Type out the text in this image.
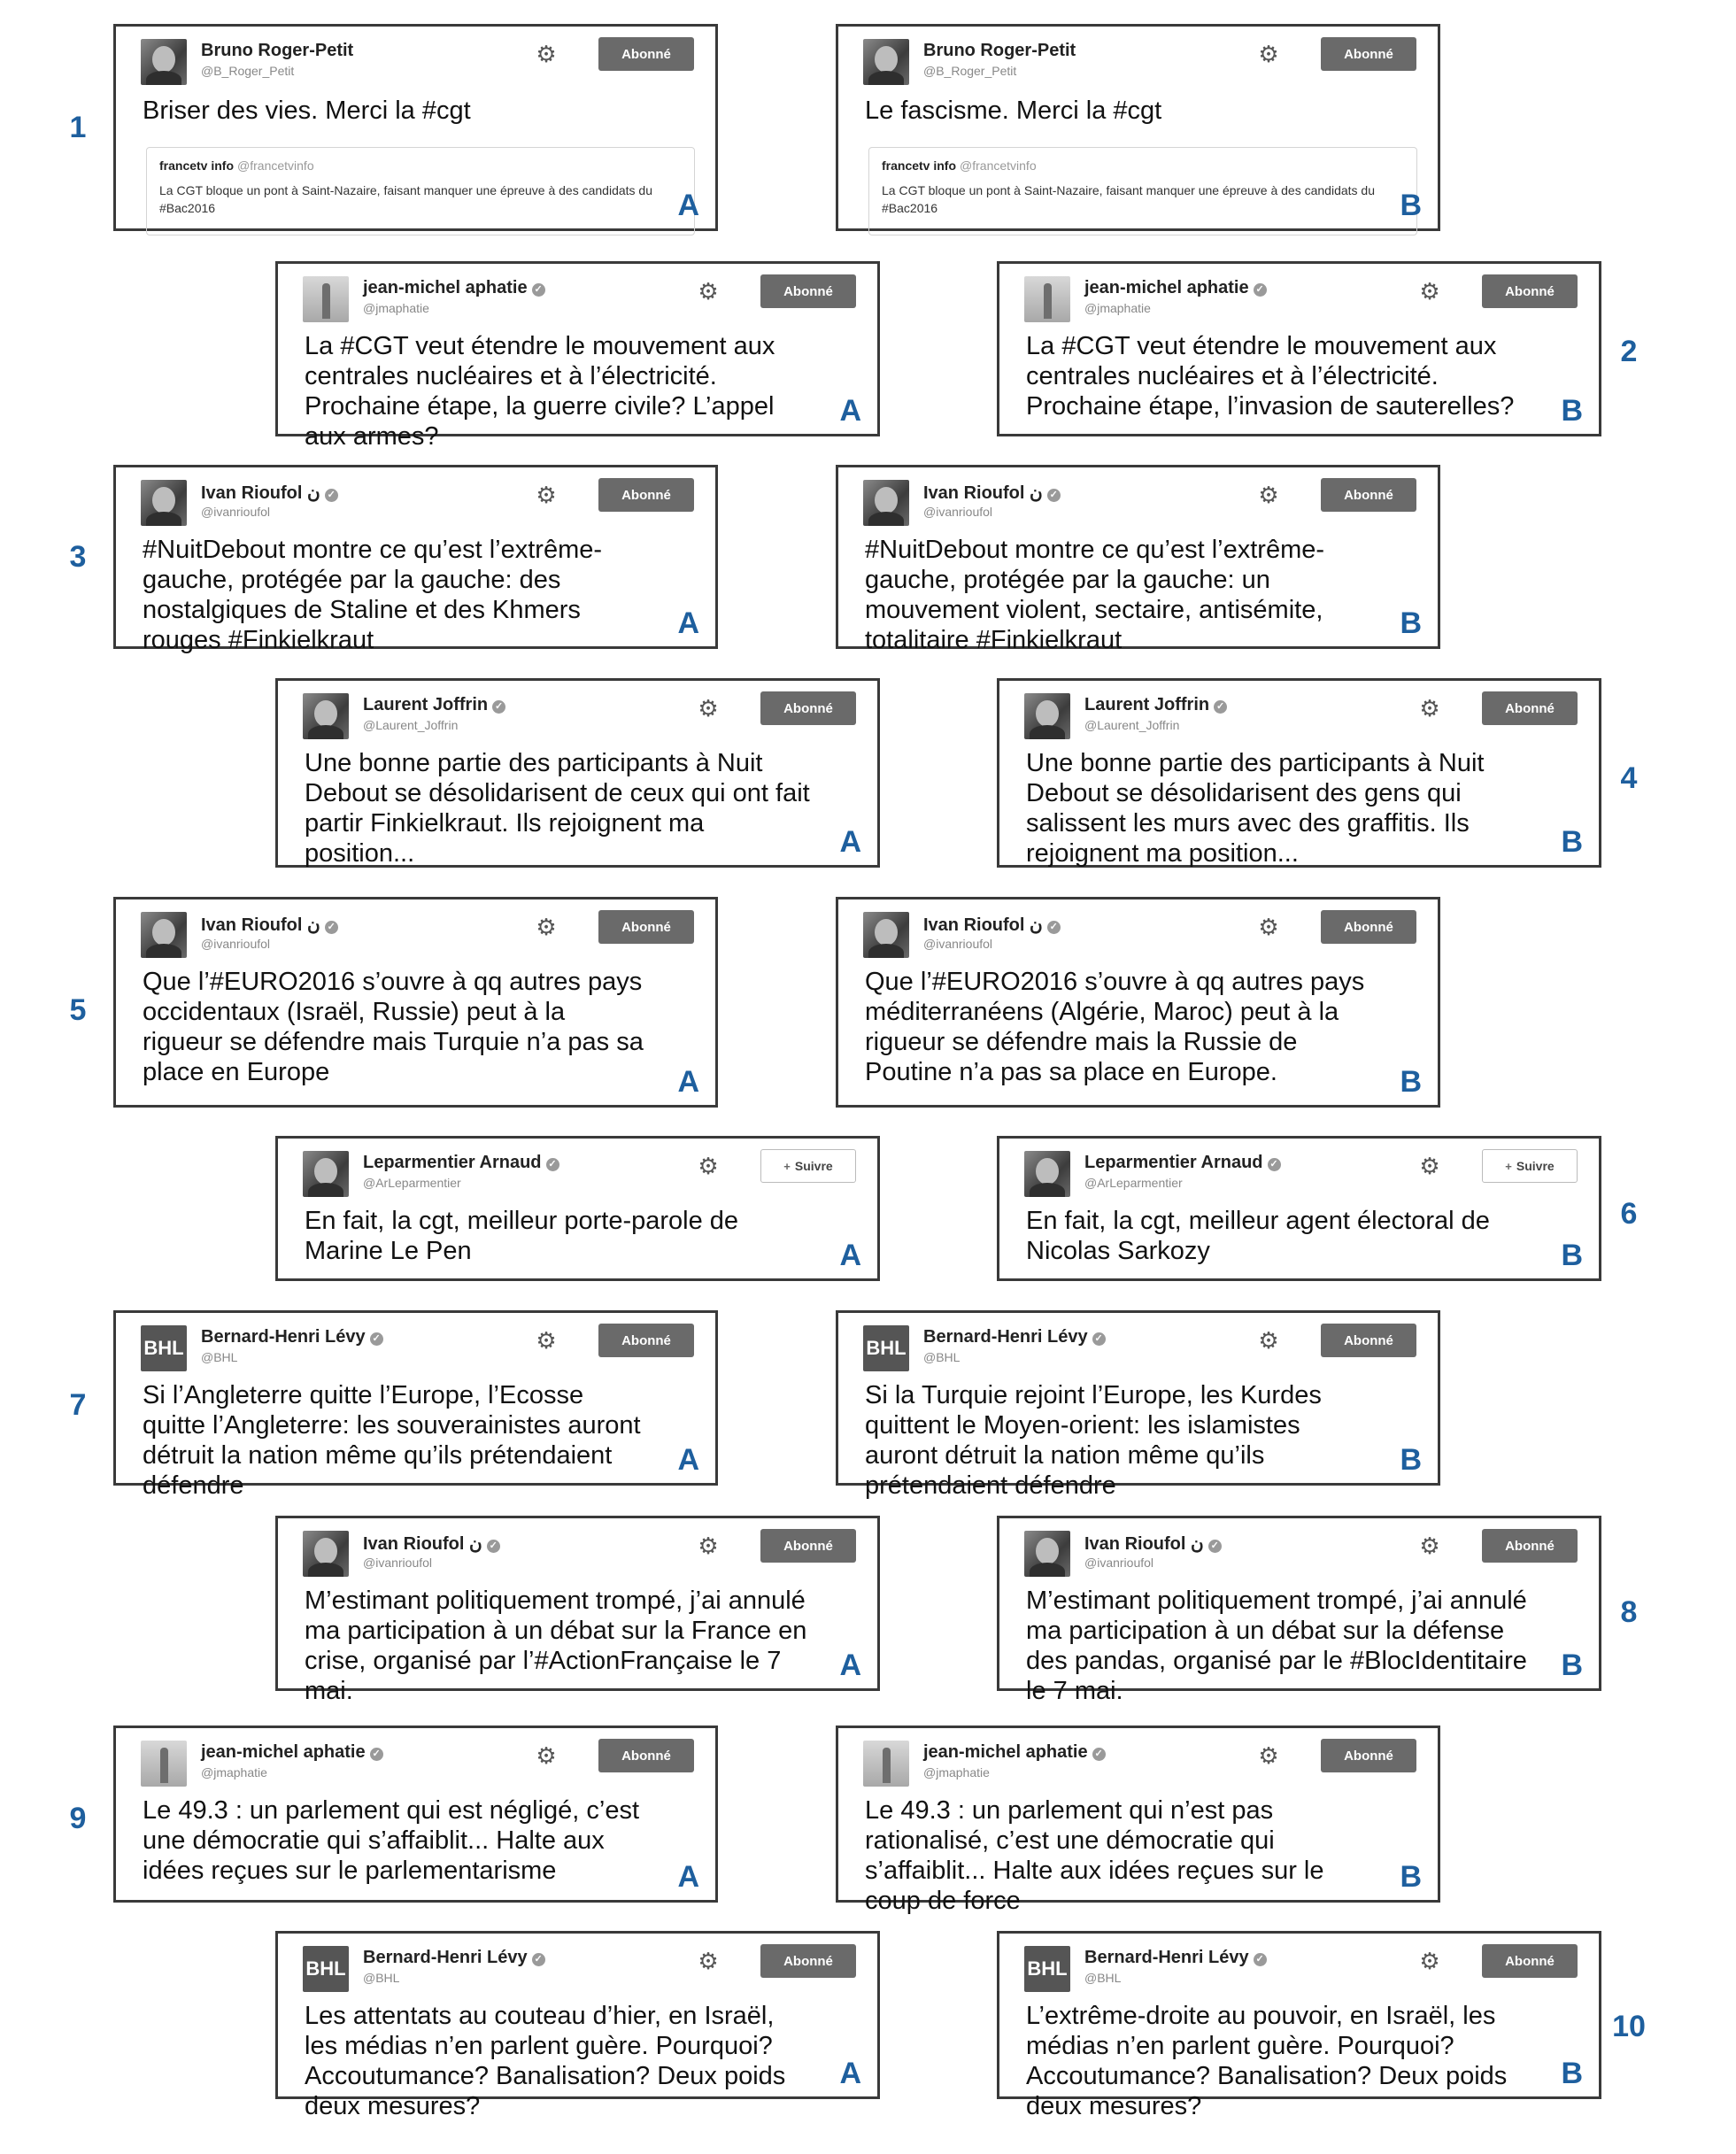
Bruno Roger-Petit
@B_Roger_Petit
⚙	Abonné
Briser des vies. Merci la #cgt
francetv info @francetvinfo
La CGT bloque un pont à Saint-Nazaire, faisant manquer une épreuve à des candidats du #Bac2016	A
Bruno Roger-Petit
@B_Roger_Petit
⚙	Abonné
Le fascisme. Merci la #cgt
francetv info @francetvinfo
La CGT bloque un pont à Saint-Nazaire, faisant manquer une épreuve à des candidats du #Bac2016	B
1
jean-michel aphatie ✓
@jmaphatie
⚙	Abonné
La #CGT veut étendre le mouvement aux centrales nucléaires et à l’électricité. Prochaine étape, la guerre civile? L’appel aux armes?
A
jean-michel aphatie ✓
@jmaphatie
⚙	Abonné
La #CGT veut étendre le mouvement aux centrales nucléaires et à l’électricité. Prochaine étape, l’invasion de sauterelles?	B
2
Ivan Rioufol ن ✓
@ivanrioufol
⚙	Abonné
#NuitDebout montre ce qu’est l’extrême-gauche, protégée par la gauche: des nostalgiques de Staline et des Khmers rouges #Finkielkraut	A
Ivan Rioufol ن ✓
@ivanrioufol
⚙	Abonné
#NuitDebout montre ce qu’est l’extrême-gauche, protégée par la gauche: un mouvement violent, sectaire, antisémite, totalitaire #Finkielkraut	B
3
Laurent Joffrin ✓
@Laurent_Joffrin
⚙	Abonné
Une bonne partie des participants à Nuit Debout se désolidarisent de ceux qui ont fait partir Finkielkraut. Ils rejoignent ma position...	A
Laurent Joffrin ✓
@Laurent_Joffrin
⚙	Abonné
Une bonne partie des participants à Nuit Debout se désolidarisent des gens qui salissent les murs avec des graffitis. Ils rejoignent ma position...	B
4
Ivan Rioufol ن ✓
@ivanrioufol
⚙	Abonné
Que l’#EURO2016 s’ouvre à qq autres pays occidentaux (Israël, Russie) peut à la rigueur se défendre mais Turquie n’a pas sa place en Europe	A
Ivan Rioufol ن ✓
@ivanrioufol
⚙	Abonné
Que l’#EURO2016 s’ouvre à qq autres pays méditerranéens (Algérie, Maroc) peut à la rigueur se défendre mais la Russie de Poutine n’a pas sa place en Europe.	B
5
Leparmentier Arnaud ✓
@ArLeparmentier
⚙	+ Suivre
En fait, la cgt, meilleur porte-parole de Marine Le Pen	A
Leparmentier Arnaud ✓
@ArLeparmentier
⚙	+ Suivre
En fait, la cgt, meilleur agent électoral de Nicolas Sarkozy	B
6
BHL Bernard-Henri Lévy ✓
@BHL
⚙	Abonné
Si l’Angleterre quitte l’Europe, l’Ecosse quitte l’Angleterre: les souverainistes auront détruit la nation même qu’ils prétendaient défendre
A
BHL Bernard-Henri Lévy ✓
@BHL
⚙	Abonné
Si la Turquie rejoint l’Europe, les Kurdes quittent le Moyen-orient: les islamistes auront détruit la nation même qu’ils prétendaient défendre
B
7
Ivan Rioufol ن ✓
@ivanrioufol
⚙	Abonné
M’estimant politiquement trompé, j’ai annulé ma participation à un débat sur la France en crise, organisé par l’#ActionFrançaise le 7 mai.
A
Ivan Rioufol ن ✓
@ivanrioufol
⚙	Abonné
M’estimant politiquement trompé, j’ai annulé ma participation à un débat sur la défense des pandas, organisé par le #BlocIdentitaire le 7 mai.
B
8
jean-michel aphatie ✓
@jmaphatie
⚙	Abonné
Le 49.3 : un parlement qui est négligé, c’est une démocratie qui s’affaiblit... Halte aux idées reçues sur le parlementarisme	A
jean-michel aphatie ✓
@jmaphatie
⚙	Abonné
Le 49.3 : un parlement qui n’est pas rationalisé, c’est une démocratie qui s’affaiblit... Halte aux idées reçues sur le coup de force
B
9
BHL Bernard-Henri Lévy ✓
@BHL
⚙	Abonné
Les attentats au couteau d’hier, en Israël, les médias n’en parlent guère. Pourquoi? Accoutumance? Banalisation? Deux poids deux mesures?
A
BHL Bernard-Henri Lévy ✓
@BHL
⚙	Abonné
L’extrême-droite au pouvoir, en Israël, les médias n’en parlent guère. Pourquoi? Accoutumance? Banalisation? Deux poids deux mesures?
B
10
